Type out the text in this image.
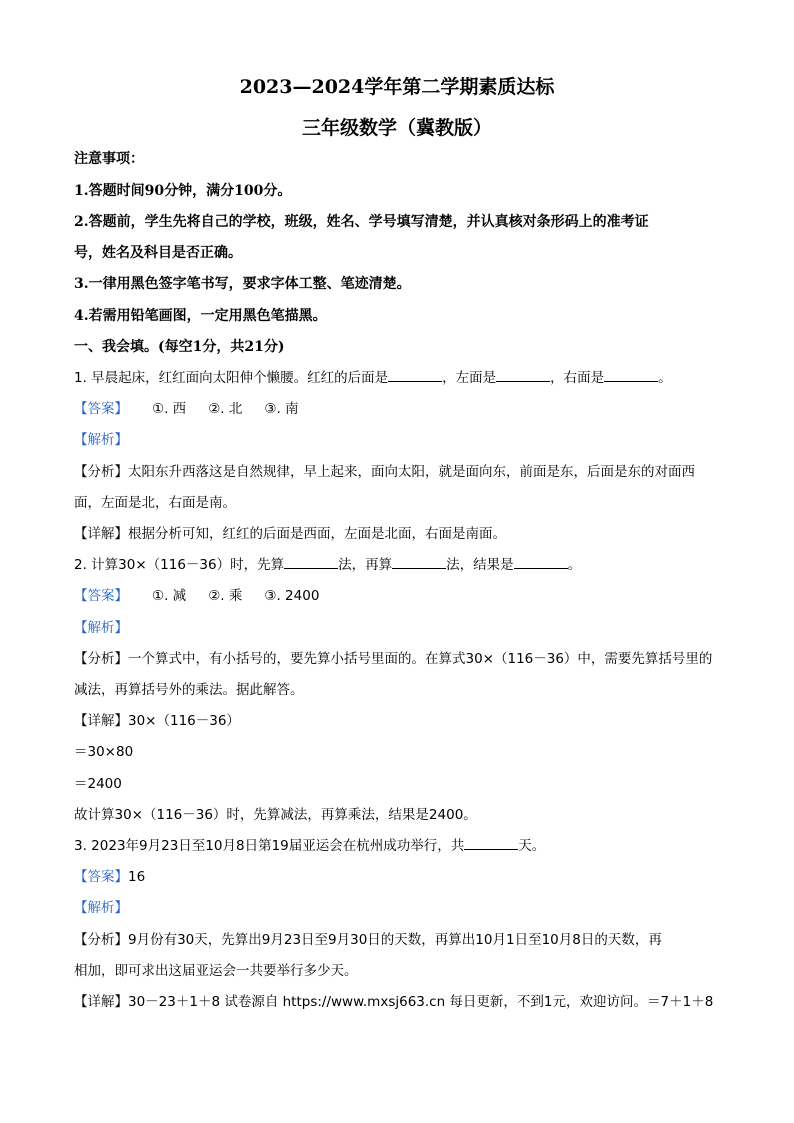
2023—2024学年第二学期素质达标
三年级数学（冀教版）
注意事项：
1.答题时间90分钟，满分100分。
2.答题前，学生先将自己的学校，班级，姓名、学号填写清楚，并认真核对条形码上的准考证
号，姓名及科目是否正确。
3.一律用黑色签字笔书写，要求字体工整、笔迹清楚。
4.若需用铅笔画图，一定用黑色笔描黑。
一、我会填。(每空1分，共21分)
1. 早晨起床，红红面向太阳伸个懒腰。红红的后面是	，左面是	，右面是	。
【答案】 ①. 西 ②. 北 ③. 南
【解析】
【分析】太阳东升西落这是自然规律，早上起来，面向太阳，就是面向东，前面是东，后面是东的对面西
面，左面是北，右面是南。
【详解】根据分析可知，红红的后面是西面，左面是北面，右面是南面。
2. 计算30×（116－36）时，先算	法，再算	法，结果是	。
【答案】 ①. 减 ②. 乘 ③. 2400
【解析】
【分析】一个算式中，有小括号的，要先算小括号里面的。在算式30×（116－36）中，需要先算括号里的
减法，再算括号外的乘法。据此解答。
【详解】30×（116－36）
＝30×80
＝2400
故计算30×（116－36）时，先算减法，再算乘法，结果是2400。
3. 2023年9月23日至10月8日第19届亚运会在杭州成功举行，共	天。
【答案】16
【解析】
【分析】9月份有30天，先算出9月23日至9月30日的天数，再算出10月1日至10月8日的天数，再
相加，即可求出这届亚运会一共要举行多少天。
【详解】30－23＋1＋8 试卷源自 https://www.mxsj663.cn 每日更新，不到1元，欢迎访问。＝7＋1＋8
